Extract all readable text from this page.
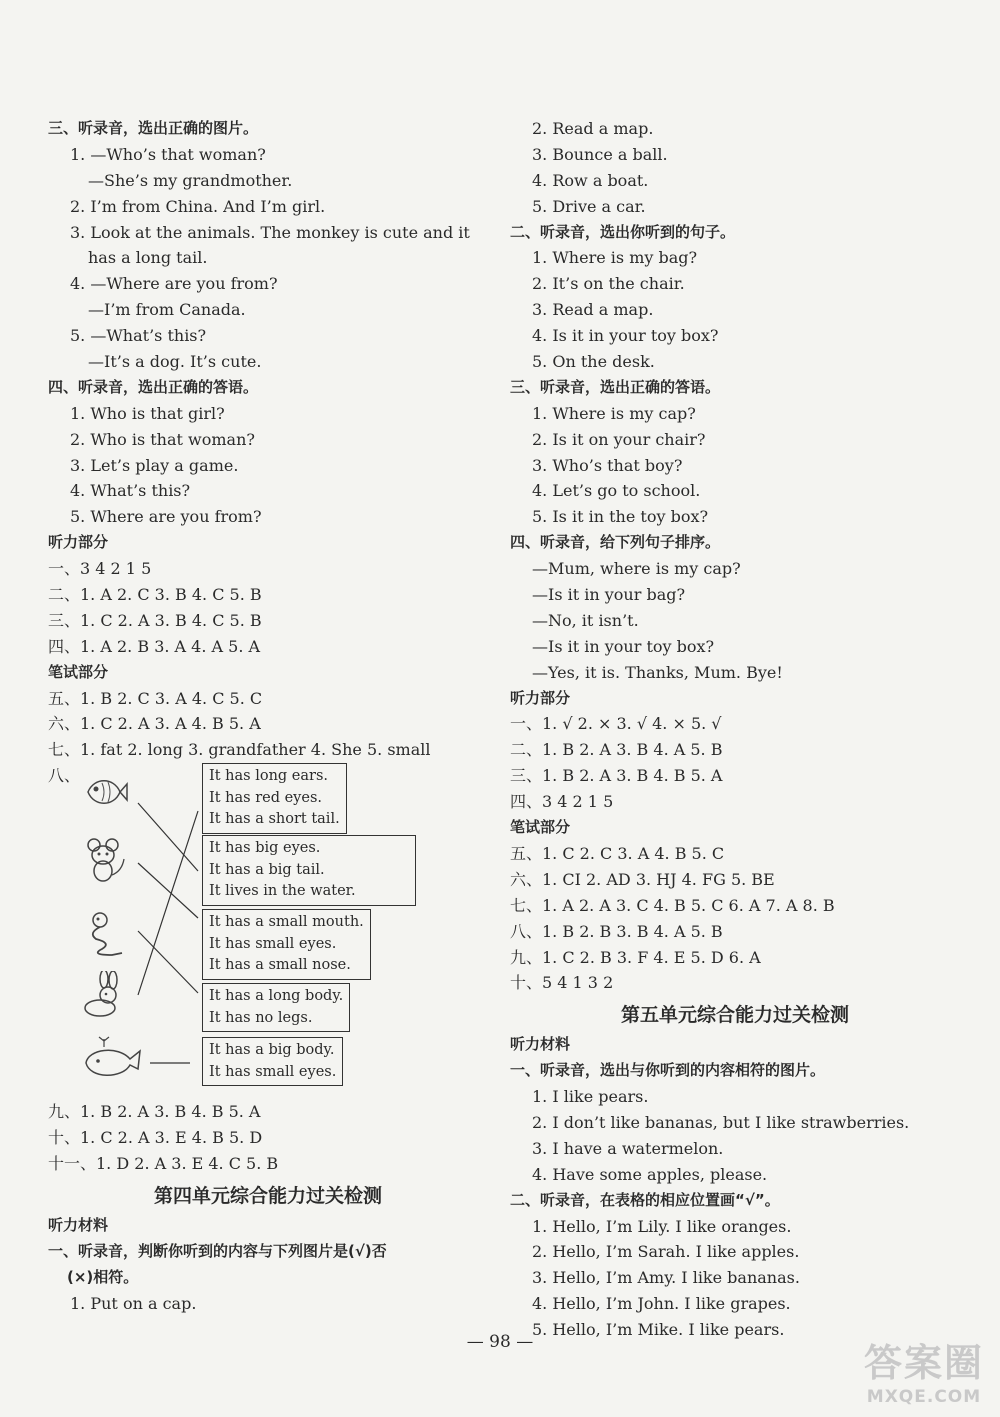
三、听录音，选出正确的图片。
1. —Who’s that woman?
—She’s my grandmother.
2. I’m from China. And I’m girl.
3. Look at the animals. The monkey is cute and it
has a long tail.
4. —Where are you from?
—I’m from Canada.
5. —What’s this?
—It’s a dog. It’s cute.
四、听录音，选出正确的答语。
1. Who is that girl?
2. Who is that woman?
3. Let’s play a game.
4. What’s this?
5. Where are you from?
听力部分
一、3 4 2 1 5
二、1. A 2. C 3. B 4. C 5. B
三、1. C 2. A 3. B 4. C 5. B
四、1. A 2. B 3. A 4. A 5. A
笔试部分
五、1. B 2. C 3. A 4. C 5. C
六、1. C 2. A 3. A 4. B 5. A
七、1. fat 2. long 3. grandfather 4. She 5. small
八、	It has long ears.
It has red eyes.
It has a short tail.
It has big eyes.
It has a big tail.
It lives in the water.
It has a small mouth.
It has small eyes.
It has a small nose.
It has a long body.
It has no legs.
It has a big body.
It has small eyes.
九、1. B 2. A 3. B 4. B 5. A
十、1. C 2. A 3. E 4. B 5. D
十一、1. D 2. A 3. E 4. C 5. B
第四单元综合能力过关检测
听力材料
一、听录音，判断你听到的内容与下列图片是(√)否
(×)相符。
1. Put on a cap.
2. Read a map.
3. Bounce a ball.
4. Row a boat.
5. Drive a car.
二、听录音，选出你听到的句子。
1. Where is my bag?
2. It’s on the chair.
3. Read a map.
4. Is it in your toy box?
5. On the desk.
三、听录音，选出正确的答语。
1. Where is my cap?
2. Is it on your chair?
3. Who’s that boy?
4. Let’s go to school.
5. Is it in the toy box?
四、听录音，给下列句子排序。
—Mum, where is my cap?
—Is it in your bag?
—No, it isn’t.
—Is it in your toy box?
—Yes, it is. Thanks, Mum. Bye!
听力部分
一、1. √ 2. × 3. √ 4. × 5. √
二、1. B 2. A 3. B 4. A 5. B
三、1. B 2. A 3. B 4. B 5. A
四、3 4 2 1 5
笔试部分
五、1. C 2. C 3. A 4. B 5. C
六、1. CI 2. AD 3. HJ 4. FG 5. BE
七、1. A 2. A 3. C 4. B 5. C 6. A 7. A 8. B
八、1. B 2. B 3. B 4. A 5. B
九、1. C 2. B 3. F 4. E 5. D 6. A
十、5 4 1 3 2
第五单元综合能力过关检测
听力材料
一、听录音，选出与你听到的内容相符的图片。
1. I like pears.
2. I don’t like bananas, but I like strawberries.
3. I have a watermelon.
4. Have some apples, please.
二、听录音，在表格的相应位置画“√”。
1. Hello, I’m Lily. I like oranges.
2. Hello, I’m Sarah. I like apples.
3. Hello, I’m Amy. I like bananas.
4. Hello, I’m John. I like grapes.
5. Hello, I’m Mike. I like pears.
— 98 —	答案圈
MXQE.COM
